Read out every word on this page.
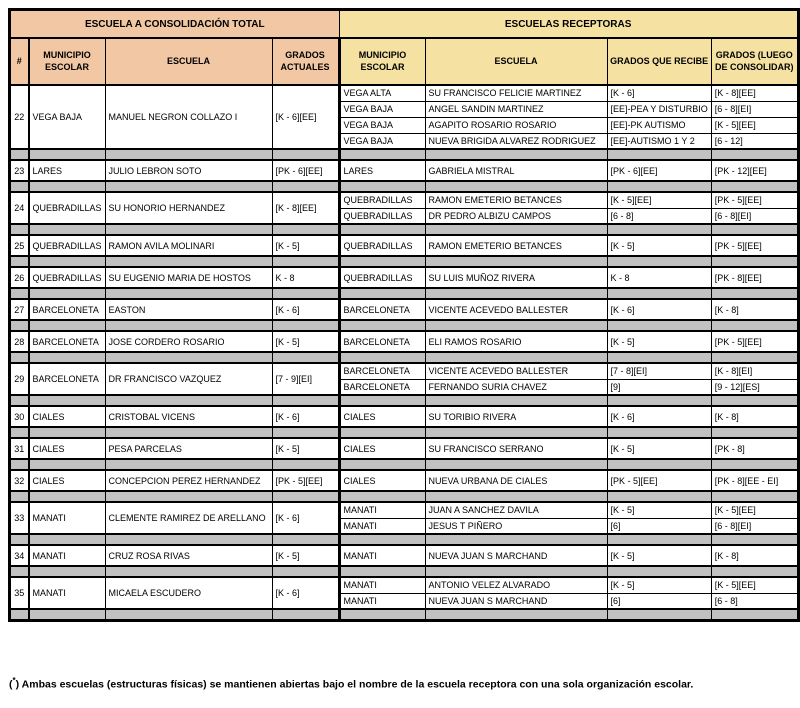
ESCUELA A CONSOLIDACIÓN TOTAL				ESCUELAS RECEPTORAS			
#	MUNICIPIO ESCOLAR	ESCUELA	GRADOS ACTUALES	MUNICIPIO ESCOLAR	ESCUELA	GRADOS QUE RECIBE	GRADOS (LUEGO DE CONSOLIDAR)
22	VEGA BAJA	MANUEL NEGRON COLLAZO I	[K - 6][EE]	VEGA ALTA	SU FRANCISCO FELICIE MARTINEZ	[K - 6]	[K - 8][EE]
				VEGA BAJA	ANGEL SANDIN MARTINEZ	[EE]-PEA Y DISTURBIO	[6 - 8][EI]
				VEGA BAJA	AGAPITO ROSARIO ROSARIO	[EE]-PK AUTISMO	[K - 5][EE]
				VEGA BAJA	NUEVA BRIGIDA ALVAREZ RODRIGUEZ	[EE]-AUTISMO 1 Y 2	[6 - 12]

23	LARES	JULIO LEBRON SOTO	[PK - 6][EE]	LARES	GABRIELA MISTRAL	[PK - 6][EE]	[PK - 12][EE]

24	QUEBRADILLAS	SU HONORIO HERNANDEZ	[K - 8][EE]	QUEBRADILLAS	RAMON EMETERIO BETANCES	[K - 5][EE]	[PK - 5][EE]
				QUEBRADILLAS	DR PEDRO ALBIZU CAMPOS	[6 - 8]	[6 - 8][EI]

25	QUEBRADILLAS	RAMON AVILA MOLINARI	[K - 5]	QUEBRADILLAS	RAMON EMETERIO BETANCES	[K - 5]	[PK - 5][EE]

26	QUEBRADILLAS	SU EUGENIO MARIA DE HOSTOS	K - 8	QUEBRADILLAS	SU LUIS MUÑOZ RIVERA	K - 8	[PK - 8][EE]

27	BARCELONETA	EASTON	[K - 6]	BARCELONETA	VICENTE ACEVEDO BALLESTER	[K - 6]	[K - 8]

28	BARCELONETA	JOSE CORDERO ROSARIO	[K - 5]	BARCELONETA	ELI RAMOS ROSARIO	[K - 5]	[PK - 5][EE]

29	BARCELONETA	DR FRANCISCO VAZQUEZ	[7 - 9][EI]	BARCELONETA	VICENTE ACEVEDO BALLESTER	[7 - 8][EI]	[K - 8][EI]
				BARCELONETA	FERNANDO SURIA CHAVEZ	[9]	[9 - 12][ES]

30	CIALES	CRISTOBAL VICENS	[K - 6]	CIALES	SU TORIBIO RIVERA	[K - 6]	[K - 8]

31	CIALES	PESA PARCELAS	[K - 5]	CIALES	SU FRANCISCO SERRANO	[K - 5]	[PK - 8]

32	CIALES	CONCEPCION PEREZ HERNANDEZ	[PK - 5][EE]	CIALES	NUEVA URBANA DE CIALES	[PK - 5][EE]	[PK - 8][EE - EI]

33	MANATI	CLEMENTE RAMIREZ DE ARELLANO	[K - 6]	MANATI	JUAN A SANCHEZ DAVILA	[K - 5]	[K - 5][EE]
				MANATI	JESUS T PIÑERO	[6]	[6 - 8][EI]

34	MANATI	CRUZ ROSA RIVAS	[K - 5]	MANATI	NUEVA JUAN S MARCHAND	[K - 5]	[K - 8]

35	MANATI	MICAELA ESCUDERO	[K - 6]	MANATI	ANTONIO VELEZ ALVARADO	[K - 5]	[K - 5][EE]
				MANATI	NUEVA JUAN S MARCHAND	[6]	[6 - 8]

(*) Ambas escuelas (estructuras físicas) se mantienen abiertas bajo el nombre de la escuela receptora con una sola organización escolar.
